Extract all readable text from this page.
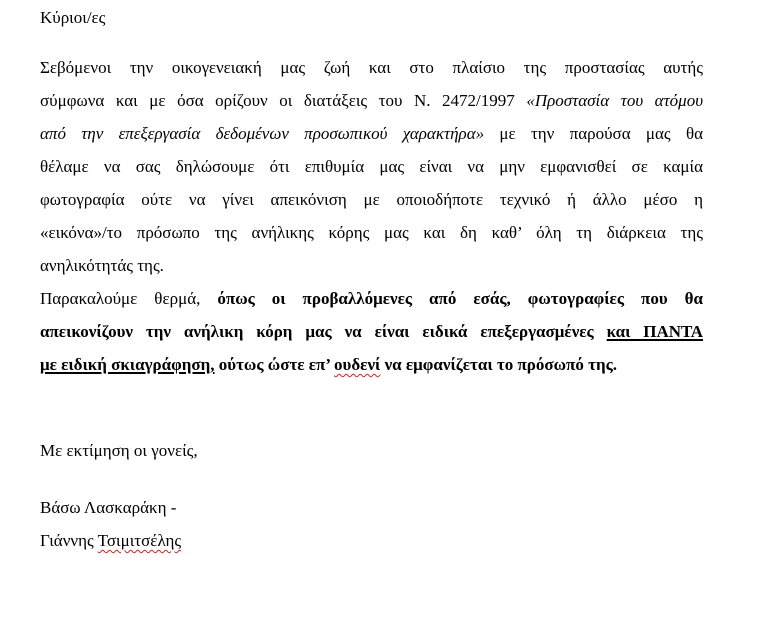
Κύριοι/ες
Σεβόμενοι την οικογενειακή μας ζωή και στο πλαίσιο της προστασίας αυτής
σύμφωνα και με όσα ορίζουν οι διατάξεις του Ν. 2472/1997 «Προστασία του ατόμου
από την επεξεργασία δεδομένων προσωπικού χαρακτήρα» με την παρούσα μας θα
θέλαμε να σας δηλώσουμε ότι επιθυμία μας είναι να μην εμφανισθεί σε καμία
φωτογραφία ούτε να γίνει απεικόνιση με οποιοδήποτε τεχνικό ή άλλο μέσο η
«εικόνα»/το πρόσωπο της ανήλικης κόρης μας και δη καθ’ όλη τη διάρκεια της
ανηλικότητάς της.
Παρακαλούμε θερμά, όπως οι προβαλλόμενες από εσάς, φωτογραφίες που θα
απεικονίζουν την ανήλικη κόρη μας να είναι ειδικά επεξεργασμένες και ΠΑΝΤΑ
με ειδική σκιαγράφηση, ούτως ώστε επ’ ουδενί να εμφανίζεται το πρόσωπό της.
Με εκτίμηση οι γονείς,
Βάσω Λασκαράκη -
Γιάννης Τσιμιτσέλης
